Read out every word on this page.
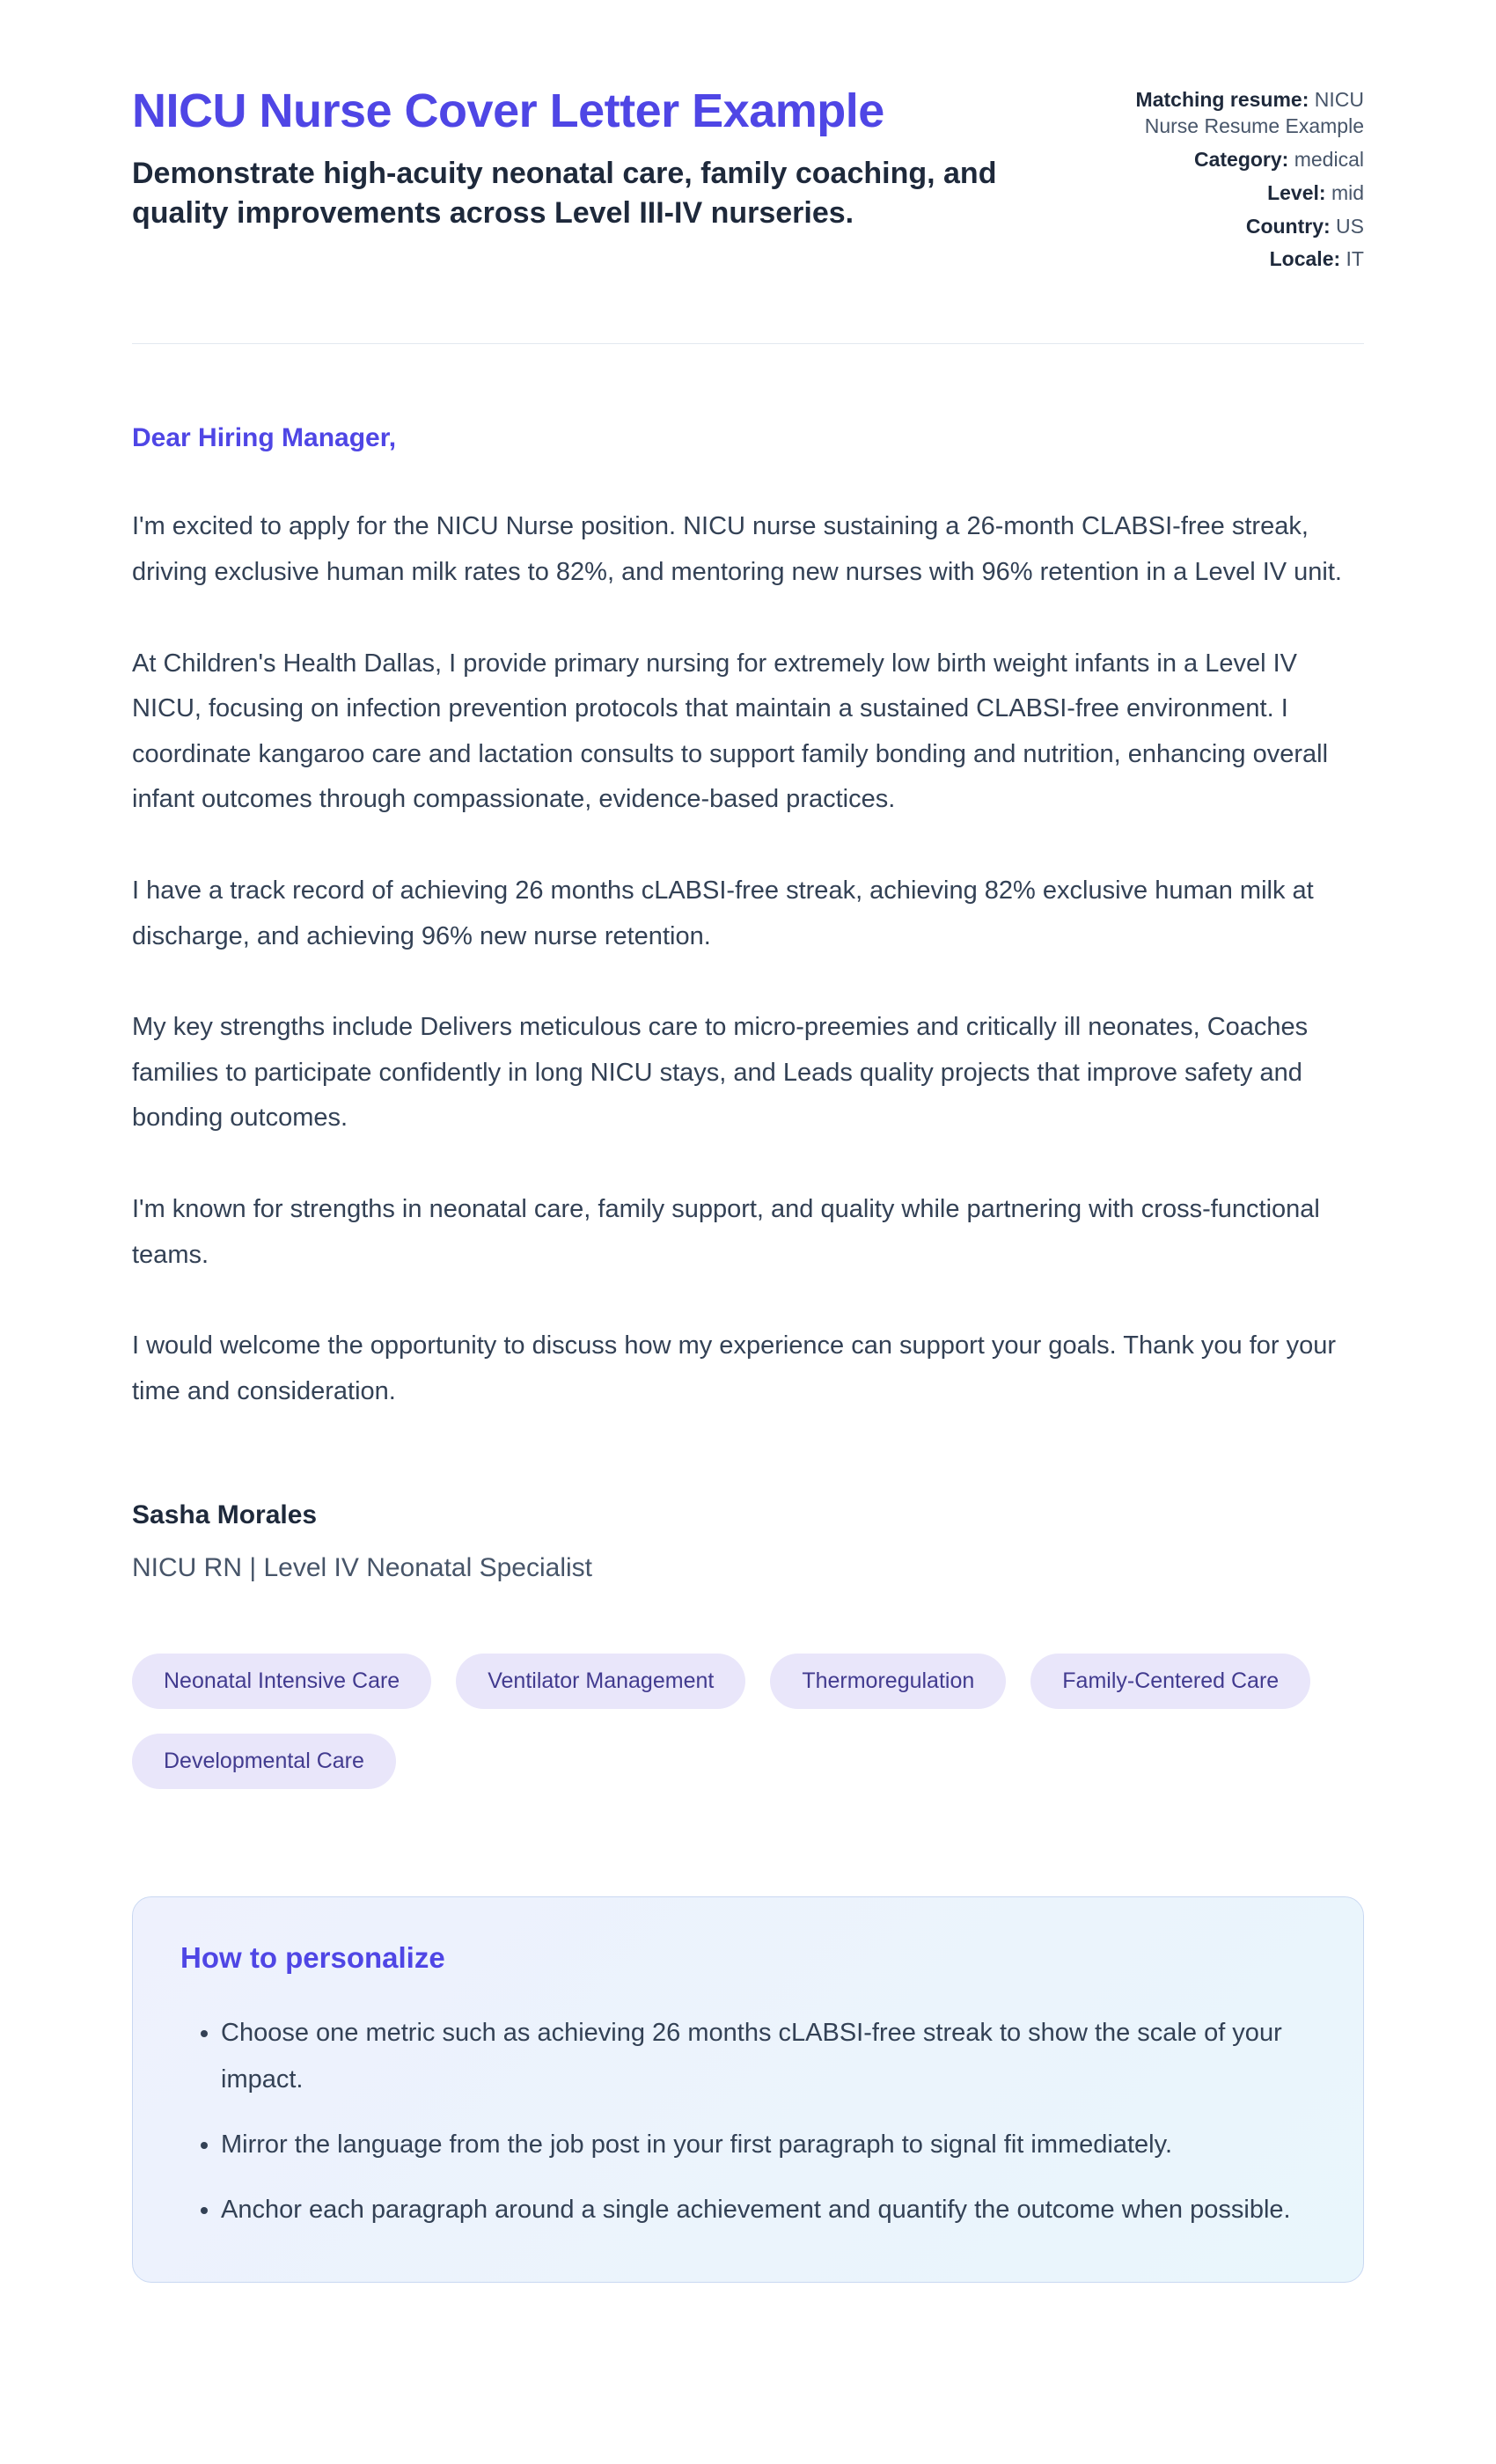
NICU Nurse Cover Letter Example
Demonstrate high-acuity neonatal care, family coaching, and quality improvements across Level III-IV nurseries.
Matching resume: NICU Nurse Resume Example
Category: medical
Level: mid
Country: US
Locale: IT
Dear Hiring Manager,

I'm excited to apply for the NICU Nurse position. NICU nurse sustaining a 26-month CLABSI-free streak, driving exclusive human milk rates to 82%, and mentoring new nurses with 96% retention in a Level IV unit.

At Children's Health Dallas, I provide primary nursing for extremely low birth weight infants in a Level IV NICU, focusing on infection prevention protocols that maintain a sustained CLABSI-free environment. I coordinate kangaroo care and lactation consults to support family bonding and nutrition, enhancing overall infant outcomes through compassionate, evidence-based practices.

I have a track record of achieving 26 months cLABSI-free streak, achieving 82% exclusive human milk at discharge, and achieving 96% new nurse retention.

My key strengths include Delivers meticulous care to micro-preemies and critically ill neonates, Coaches families to participate confidently in long NICU stays, and Leads quality projects that improve safety and bonding outcomes.

I'm known for strengths in neonatal care, family support, and quality while partnering with cross-functional teams.

I would welcome the opportunity to discuss how my experience can support your goals. Thank you for your time and consideration.

Sasha Morales
NICU RN | Level IV Neonatal Specialist
Neonatal Intensive Care	Ventilator Management	Thermoregulation	Family-Centered Care
Developmental Care
How to personalize
• Choose one metric such as achieving 26 months cLABSI-free streak to show the scale of your impact.
• Mirror the language from the job post in your first paragraph to signal fit immediately.
• Anchor each paragraph around a single achievement and quantify the outcome when possible.
